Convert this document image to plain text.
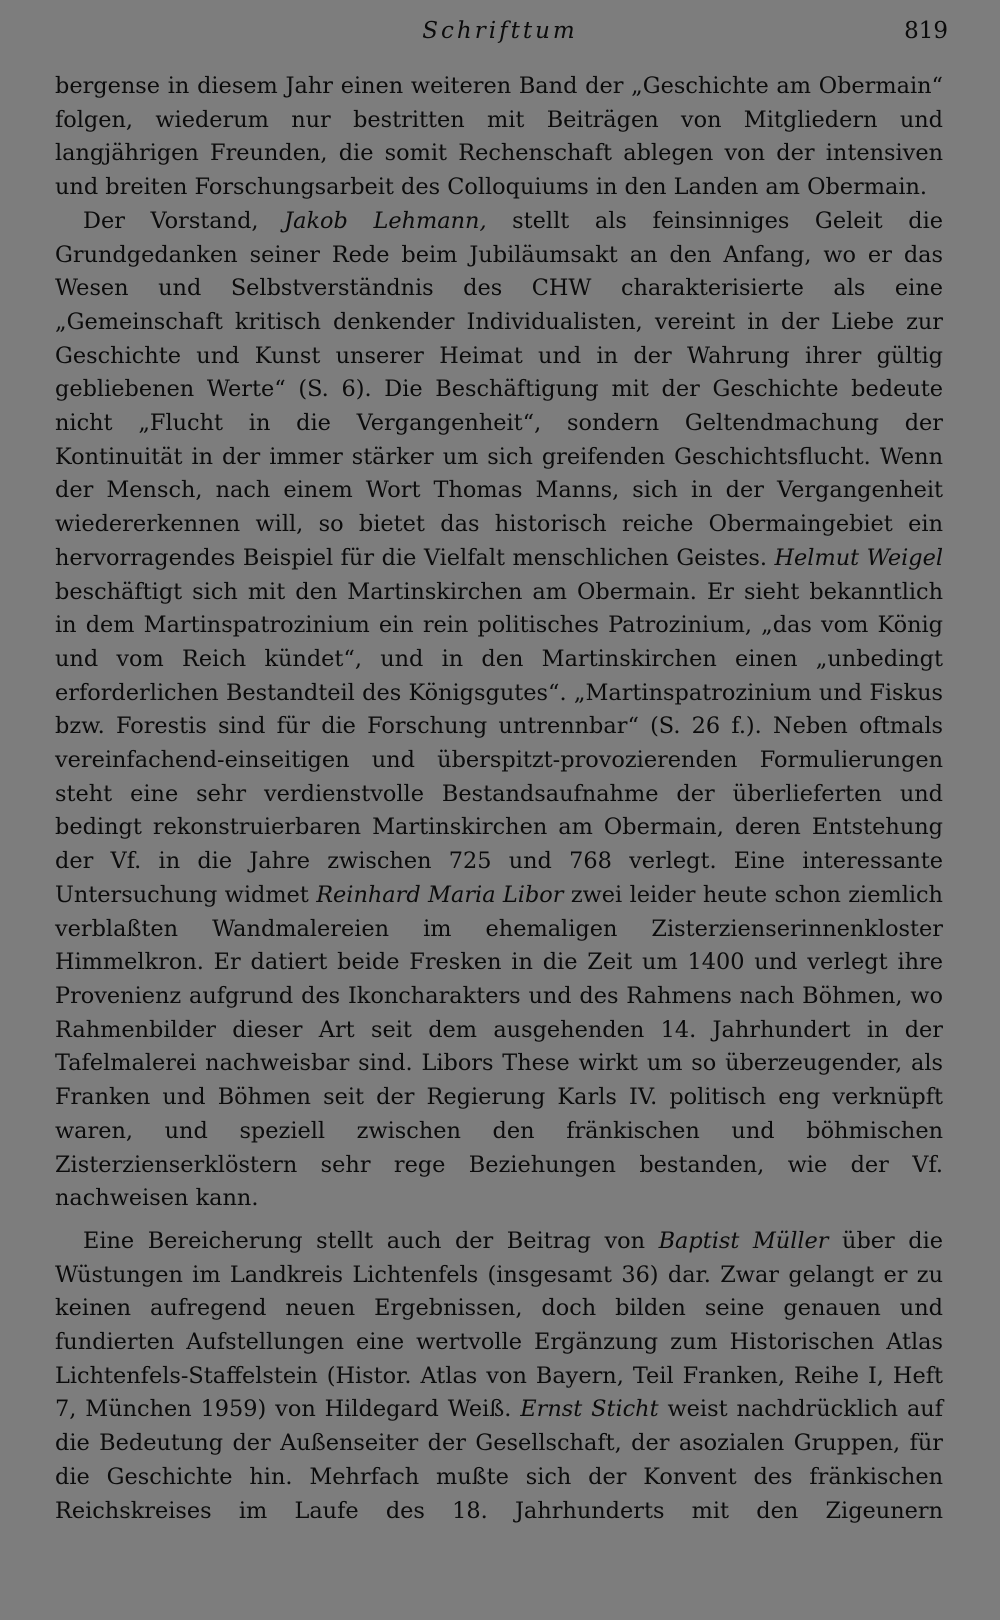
Schrifttum	819

bergense in diesem Jahr einen weiteren Band der „Geschichte am Obermain“ folgen, wiederum nur bestritten mit Beiträgen von Mitgliedern und langjährigen Freunden, die somit Rechenschaft ablegen von der intensiven und breiten Forschungsarbeit des Colloquiums in den Landen am Obermain.

Der Vorstand, Jakob Lehmann, stellt als feinsinniges Geleit die Grundgedanken seiner Rede beim Jubiläumsakt an den Anfang, wo er das Wesen und Selbstverständnis des CHW charakterisierte als eine „Gemeinschaft kritisch denkender Individualisten, vereint in der Liebe zur Geschichte und Kunst unserer Heimat und in der Wahrung ihrer gültig gebliebenen Werte“ (S. 6). Die Beschäftigung mit der Geschichte bedeute nicht „Flucht in die Vergangenheit“, sondern Geltendmachung der Kontinuität in der immer stärker um sich greifenden Geschichtsflucht. Wenn der Mensch, nach einem Wort Thomas Manns, sich in der Vergangenheit wiedererkennen will, so bietet das historisch reiche Obermaingebiet ein hervorragendes Beispiel für die Vielfalt menschlichen Geistes. Helmut Weigel beschäftigt sich mit den Martinskirchen am Obermain. Er sieht bekanntlich in dem Martinspatrozinium ein rein politisches Patrozinium, „das vom König und vom Reich kündet“, und in den Martinskirchen einen „unbedingt erforderlichen Bestandteil des Königsgutes“. „Martinspatrozinium und Fiskus bzw. Forestis sind für die Forschung untrennbar“ (S. 26 f.). Neben oftmals vereinfachend-einseitigen und überspitzt-provozierenden Formulierungen steht eine sehr verdienstvolle Bestandsaufnahme der überlieferten und bedingt rekonstruierbaren Martinskirchen am Obermain, deren Entstehung der Vf. in die Jahre zwischen 725 und 768 verlegt. Eine interessante Untersuchung widmet Reinhard Maria Libor zwei leider heute schon ziemlich verblaßten Wandmalereien im ehemaligen Zisterzienserinnenkloster Himmelkron. Er datiert beide Fresken in die Zeit um 1400 und verlegt ihre Provenienz aufgrund des Ikoncharakters und des Rahmens nach Böhmen, wo Rahmenbilder dieser Art seit dem ausgehenden 14. Jahrhundert in der Tafelmalerei nachweisbar sind. Libors These wirkt um so überzeugender, als Franken und Böhmen seit der Regierung Karls IV. politisch eng verknüpft waren, und speziell zwischen den fränkischen und böhmischen Zisterzienserklöstern sehr rege Beziehungen bestanden, wie der Vf. nachweisen kann.

Eine Bereicherung stellt auch der Beitrag von Baptist Müller über die Wüstungen im Landkreis Lichtenfels (insgesamt 36) dar. Zwar gelangt er zu keinen aufregend neuen Ergebnissen, doch bilden seine genauen und fundierten Aufstellungen eine wertvolle Ergänzung zum Historischen Atlas Lichtenfels-Staffelstein (Histor. Atlas von Bayern, Teil Franken, Reihe I, Heft 7, München 1959) von Hildegard Weiß. Ernst Sticht weist nachdrücklich auf die Bedeutung der Außenseiter der Gesellschaft, der asozialen Gruppen, für die Geschichte hin. Mehrfach mußte sich der Konvent des fränkischen Reichskreises im Laufe des 18. Jahrhunderts mit den Zigeunern
